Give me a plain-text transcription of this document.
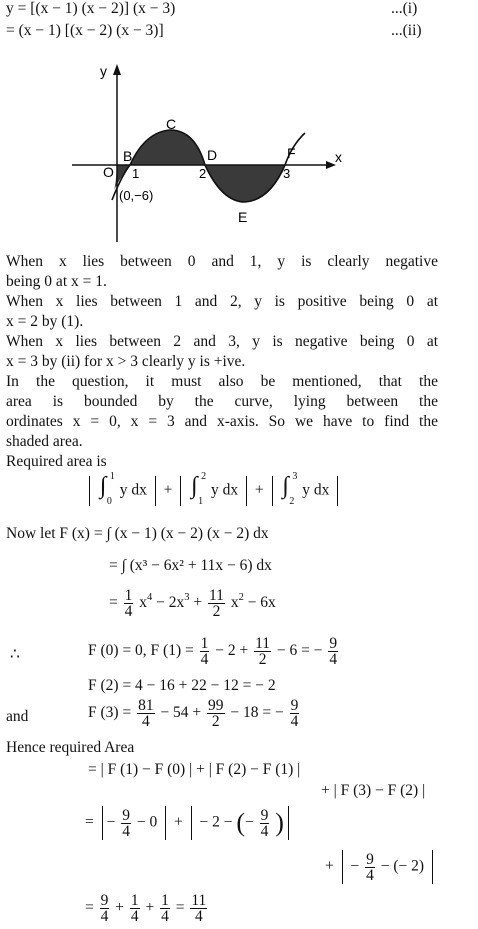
y = [(x − 1) (x − 2)] (x − 3)	...(i)
= (x − 1) [(x − 2) (x − 3)]	...(ii)
y
x
O
B
C
D
E
F
1	2	3
(0,−6)
When x lies between 0 and 1, y is clearly negative
being 0 at x = 1.
When x lies between 1 and 2, y is positive being 0 at
x = 2 by (1).
When x lies between 2 and 3, y is negative being 0 at
x = 3 by (ii) for x > 3 clearly y is +ive.
In the question, it must also be mentioned, that the
area is bounded by the curve, lying between the
ordinates x = 0, x = 3 and x-axis. So we have to find the
shaded area.
Required area is

∫ 1
0
y dx + ∫ 2
1
y dx + ∫ 3
2
y dx
Now let F (x) = ∫ (x − 1) (x − 2) (x − 2) dx
= ∫ (x³ − 6x² + 11x − 6) dx
= $\frac{1}{4} x^4 - 2x^3 + \frac{11}{2} x^2 - 6x$
∴	F (0) = 0, F $(1) = \frac{1}{4} - 2 + \frac{11}{2} - 6$ = − $\frac{9}{4}$
F (2) = 4 − 16 + 22 − 12 = − 2
and	F $(3) = \frac{81}{4} - 54 + \frac{99}{2} - 18$ = − $\frac{9}{4}$
Hence required Area
= | F (1) − F (0) | + | F (2) − F (1) |
+ | F (3) − F (2) |
= − $\frac{9}{4} - 0$  +  − 2 − (− $\frac{9}{4}$ )
+  − $\frac{9}{4}$ − (− 2)
= $\frac{9}{4} + \frac{1}{4} + \frac{1}{4} = \frac{11}{4}$
